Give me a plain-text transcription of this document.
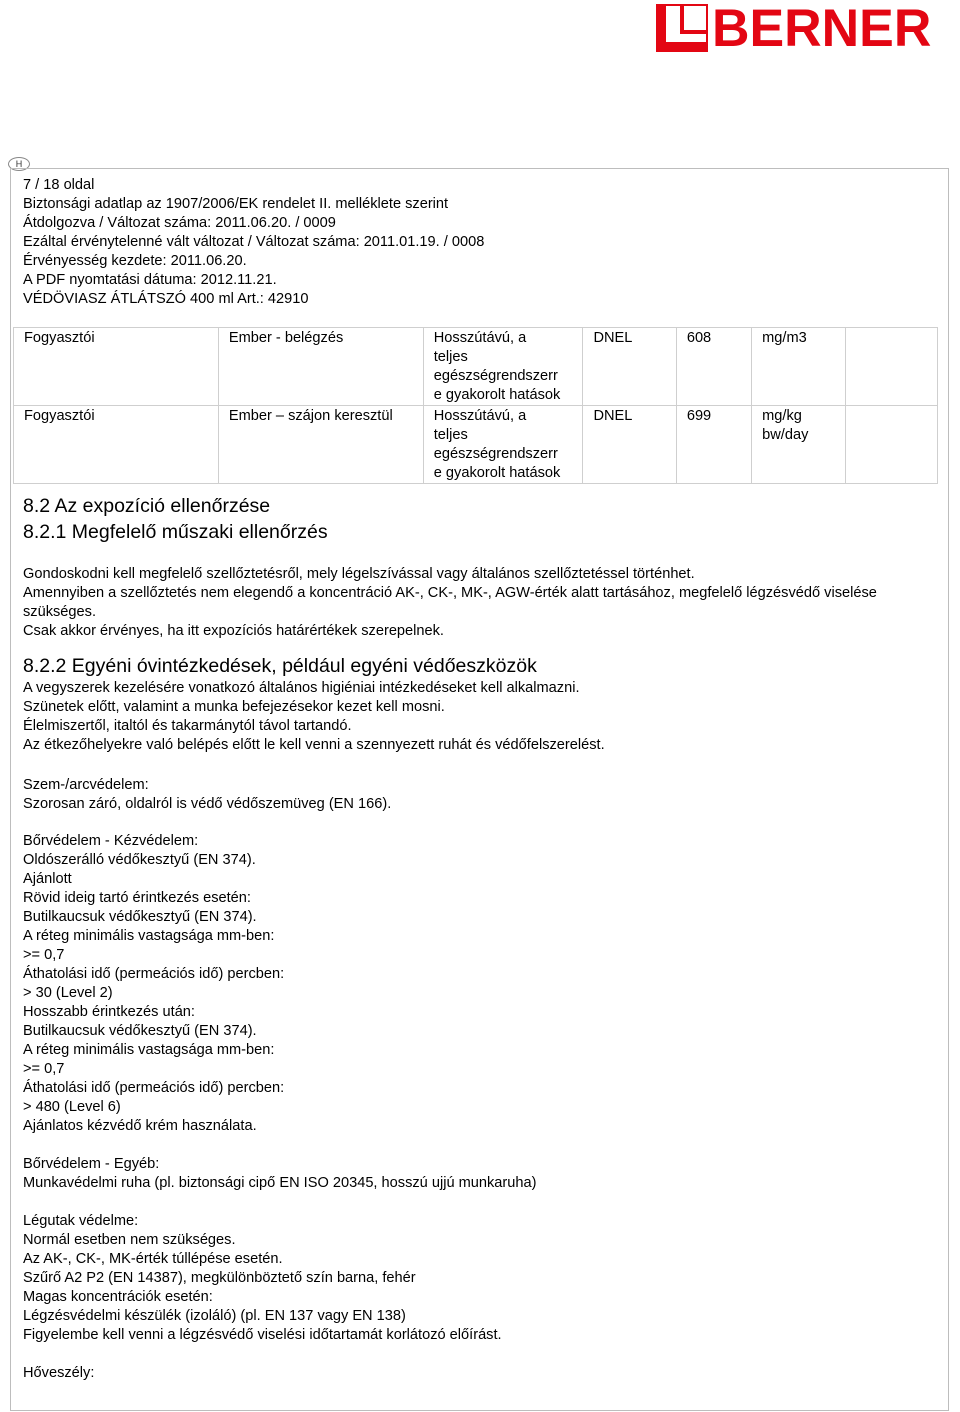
BERNER
H
7 / 18 oldal
Biztonsági adatlap az 1907/2006/EK rendelet II. melléklete szerint
Átdolgozva / Változat száma: 2011.06.20. / 0009
Ezáltal érvénytelenné vált változat / Változat száma: 2011.01.19. / 0008
Érvényesség kezdete: 2011.06.20.
A PDF nyomtatási dátuma: 2012.11.21.
VÉDÖVIASZ ÁTLÁTSZÓ 400 ml Art.: 42910
Fogyasztói	Ember - belégzés	Hosszútávú, a
teljes
egészségrendszerr
e gyakorolt hatások	DNEL	608	mg/m3	
Fogyasztói	Ember – szájon keresztül	Hosszútávú, a
teljes
egészségrendszerr
e gyakorolt hatások	DNEL	699	mg/kg bw/day	
8.2 Az expozíció ellenőrzése
8.2.1 Megfelelő műszaki ellenőrzés
Gondoskodni kell megfelelő szellőztetésről, mely légelszívással vagy általános szellőztetéssel történhet.
Amennyiben a szellőztetés nem elegendő a koncentráció AK-, CK-, MK-, AGW-érték alatt tartásához, megfelelő légzésvédő viselése szükséges.
Csak akkor érvényes, ha itt expozíciós határértékek szerepelnek.
8.2.2 Egyéni óvintézkedések, például egyéni védőeszközök
A vegyszerek kezelésére vonatkozó általános higiéniai intézkedéseket kell alkalmazni.
Szünetek előtt, valamint a munka befejezésekor kezet kell mosni.
Élelmiszertől, italtól és takarmánytól távol tartandó.
Az étkezőhelyekre való belépés előtt le kell venni a szennyezett ruhát és védőfelszerelést.
Szem-/arcvédelem:
Szorosan záró, oldalról is védő védőszemüveg (EN 166).
Bőrvédelem - Kézvédelem:
Oldószerálló védőkesztyű (EN 374).
Ajánlott
Rövid ideig tartó érintkezés esetén:
Butilkaucsuk védőkesztyű (EN 374).
A réteg minimális vastagsága mm-ben:
>= 0,7
Áthatolási idő (permeációs idő) percben:
> 30 (Level 2)
Hosszabb érintkezés után:
Butilkaucsuk védőkesztyű (EN 374).
A réteg minimális vastagsága mm-ben:
>= 0,7
Áthatolási idő (permeációs idő) percben:
> 480 (Level 6)
Ajánlatos kézvédő krém használata.
Bőrvédelem - Egyéb:
Munkavédelmi ruha (pl. biztonsági cipő EN ISO 20345, hosszú ujjú munkaruha)
Légutak védelme:
Normál esetben nem szükséges.
Az AK-, CK-, MK-érték túllépése esetén.
Szűrő A2 P2 (EN 14387), megkülönböztető szín barna, fehér
Magas koncentrációk esetén:
Légzésvédelmi készülék (izoláló) (pl. EN 137 vagy EN 138)
Figyelembe kell venni a légzésvédő viselési időtartamát korlátozó előírást.
Hőveszély:
